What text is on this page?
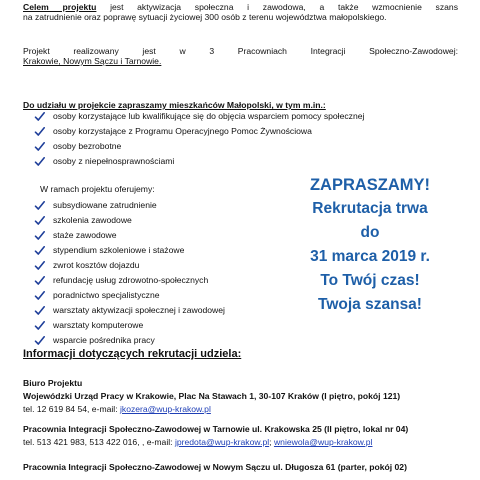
Celem projektu jest aktywizacja społeczna i zawodowa, a także wzmocnienie szans
na zatrudnienie oraz poprawę sytuacji życiowej 300 osób z terenu województwa małopolskiego.
Projekt realizowany jest w 3 Pracowniach Integracji Społeczno-Zawodowej:
Krakowie, Nowym Sączu i Tarnowie.
Do udziału w projekcie zapraszamy mieszkańców Małopolski, w tym m.in.:
osoby korzystające lub kwalifikujące się do objęcia wsparciem pomocy społecznej
osoby korzystające z Programu Operacyjnego Pomoc Żywnościowa
osoby bezrobotne
osoby z niepełnosprawnościami
W ramach projektu oferujemy:
subsydiowane zatrudnienie
szkolenia zawodowe
staże zawodowe
stypendium szkoleniowe i stażowe
zwrot kosztów dojazdu
refundację usług zdrowotno-społecznych
poradnictwo specjalistyczne
warsztaty aktywizacji społecznej i zawodowej
warsztaty komputerowe
wsparcie pośrednika pracy
ZAPRASZAMY!
Rekrutacja trwa
do
31 marca 2019 r.
To Twój czas!
Twoja szansa!
Informacji dotyczących rekrutacji udziela:
Biuro Projektu
Wojewódzki Urząd Pracy w Krakowie, Plac Na Stawach 1, 30-107 Kraków (I piętro, pokój 121)
tel. 12 619 84 54, e-mail: jkozera@wup-krakow.pl
Pracownia Integracji Społeczno-Zawodowej w Tarnowie ul. Krakowska 25 (II piętro, lokal nr 04)
tel. 513 421 983, 513 422 016, , e-mail: jpredota@wup-krakow.pl; wniewola@wup-krakow.pl
Pracownia Integracji Społeczno-Zawodowej w Nowym Sączu ul. Długosza 61 (parter, pokój 02)
